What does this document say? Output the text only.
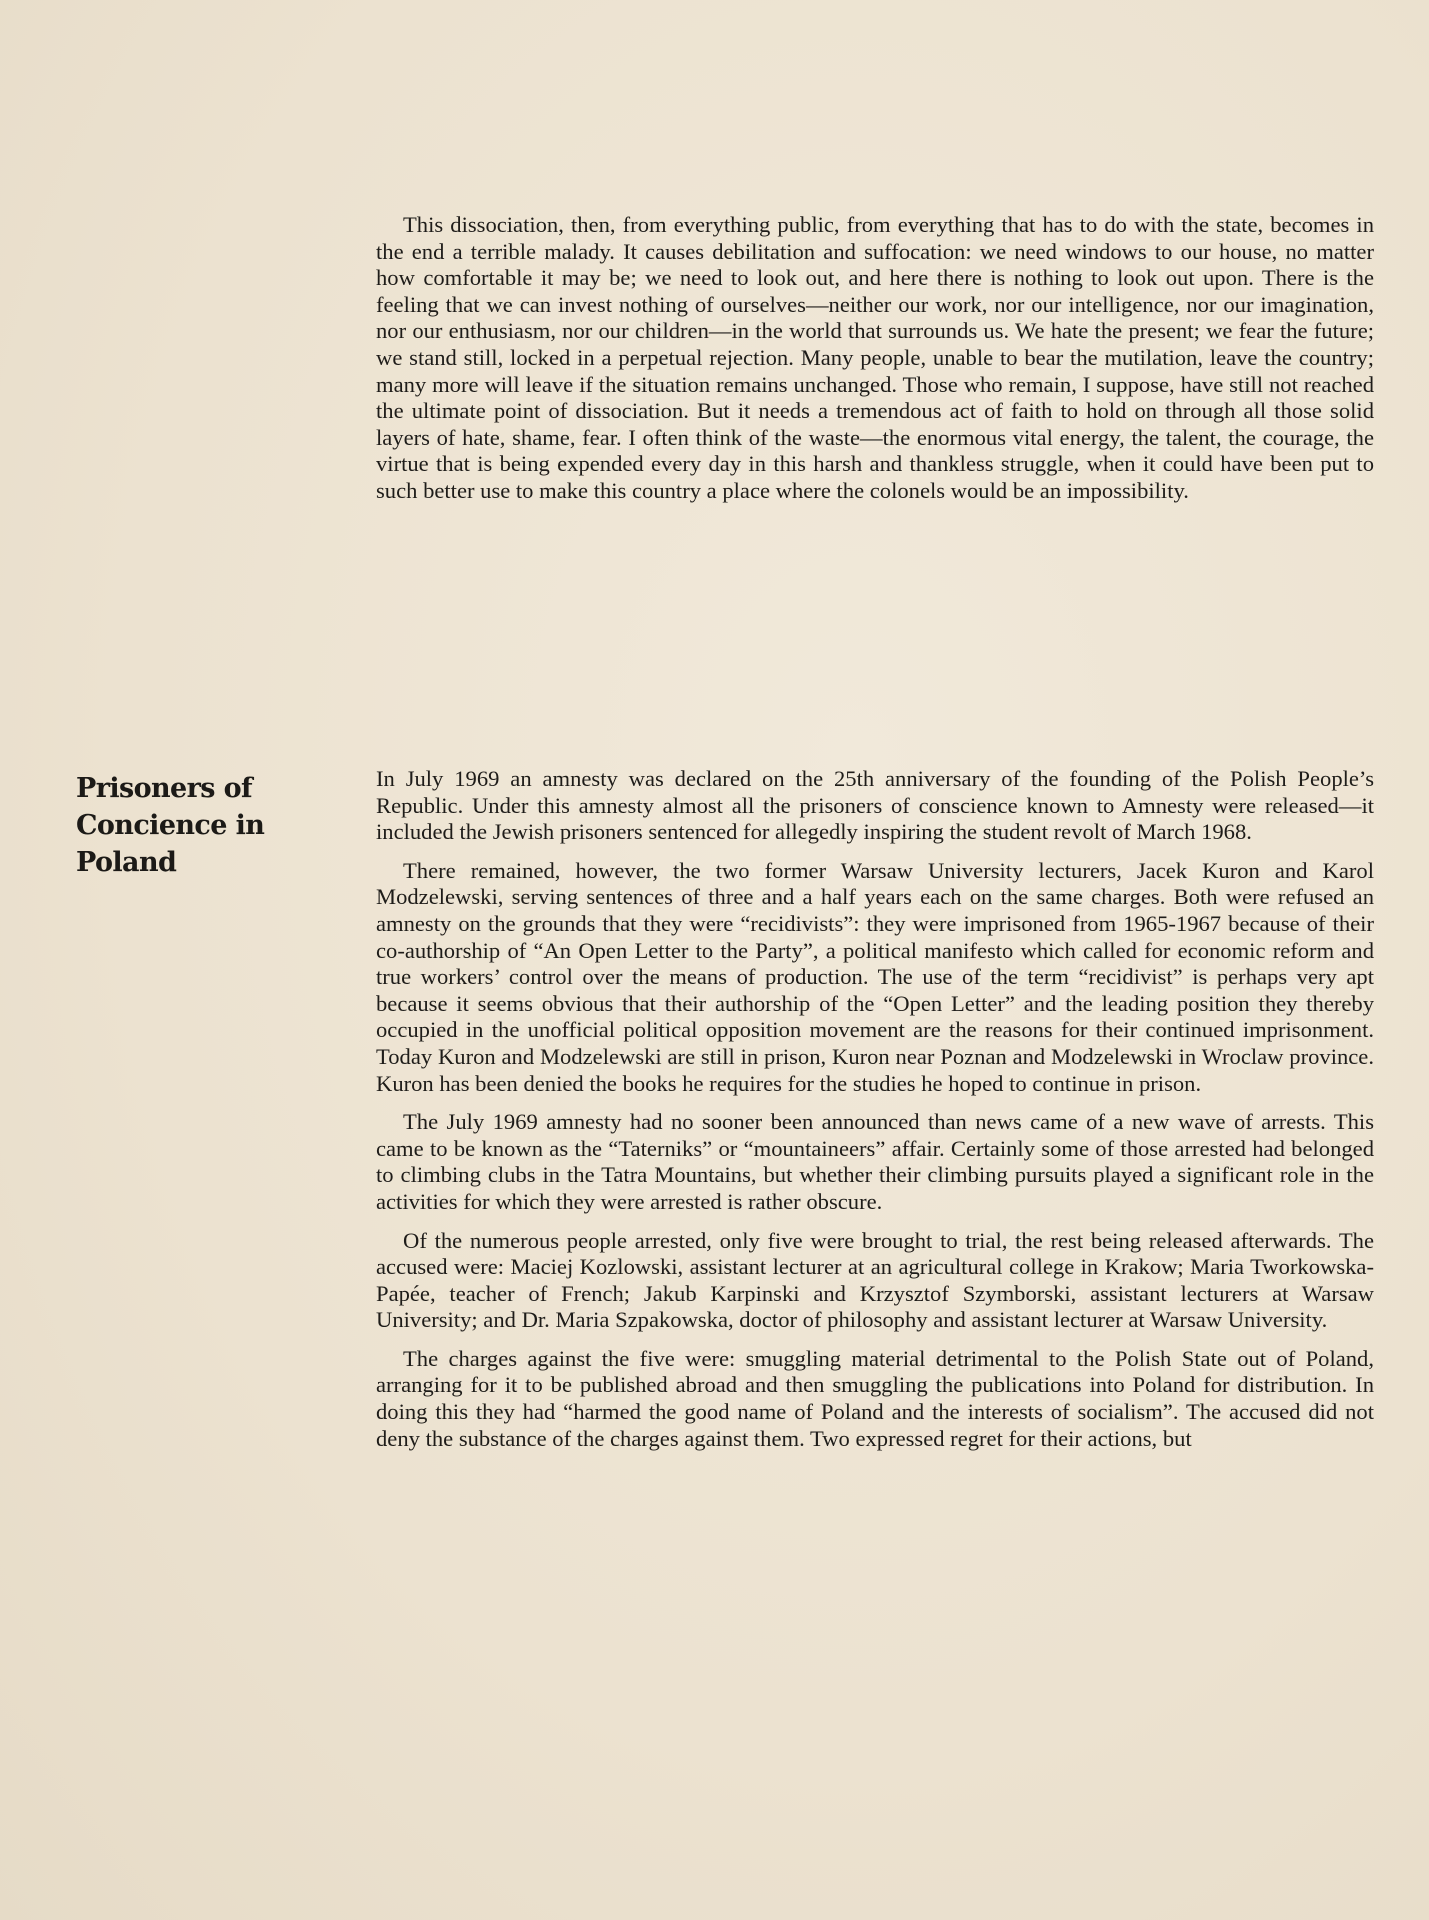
This dissociation, then, from everything public, from everything that has to do with the state, becomes in the end a terrible malady. It causes debilitation and suffocation: we need windows to our house, no matter how comfortable it may be; we need to look out, and here there is nothing to look out upon. There is the feeling that we can invest nothing of ourselves—neither our work, nor our intelligence, nor our imagination, nor our enthusiasm, nor our children—in the world that surrounds us. We hate the present; we fear the future; we stand still, locked in a perpetual rejection. Many people, unable to bear the mutilation, leave the country; many more will leave if the situation remains unchanged. Those who remain, I suppose, have still not reached the ultimate point of dissociation. But it needs a tremendous act of faith to hold on through all those solid layers of hate, shame, fear. I often think of the waste—the enormous vital energy, the talent, the courage, the virtue that is being expended every day in this harsh and thankless struggle, when it could have been put to such better use to make this country a place where the colonels would be an impossibility.

Prisoners of
Concience in
Poland

In July 1969 an amnesty was declared on the 25th anniversary of the founding of the Polish People’s Republic. Under this amnesty almost all the prisoners of conscience known to Amnesty were released—it included the Jewish prisoners sentenced for allegedly inspiring the student revolt of March 1968.

There remained, however, the two former Warsaw University lecturers, Jacek Kuron and Karol Modzelewski, serving sentences of three and a half years each on the same charges. Both were refused an amnesty on the grounds that they were “recidivists”: they were imprisoned from 1965-1967 because of their co-authorship of “An Open Letter to the Party”, a political manifesto which called for economic reform and true workers’ control over the means of production. The use of the term “recidivist” is perhaps very apt because it seems obvious that their authorship of the “Open Letter” and the leading position they thereby occupied in the unofficial political opposition movement are the reasons for their continued imprisonment. Today Kuron and Modzelewski are still in prison, Kuron near Poznan and Modzelewski in Wroclaw province. Kuron has been denied the books he requires for the studies he hoped to continue in prison.

The July 1969 amnesty had no sooner been announced than news came of a new wave of arrests. This came to be known as the “Taterniks” or “mountaineers” affair. Certainly some of those arrested had belonged to climbing clubs in the Tatra Mountains, but whether their climbing pursuits played a significant role in the activities for which they were arrested is rather obscure.

Of the numerous people arrested, only five were brought to trial, the rest being released afterwards. The accused were: Maciej Kozlowski, assistant lecturer at an agricultural college in Krakow; Maria Tworkowska-Papée, teacher of French; Jakub Karpinski and Krzysztof Szymborski, assistant lecturers at Warsaw University; and Dr. Maria Szpakowska, doctor of philosophy and assistant lecturer at Warsaw University.

The charges against the five were: smuggling material detrimental to the Polish State out of Poland, arranging for it to be published abroad and then smuggling the publications into Poland for distribution. In doing this they had “harmed the good name of Poland and the interests of socialism”. The accused did not deny the substance of the charges against them. Two expressed regret for their actions, but
